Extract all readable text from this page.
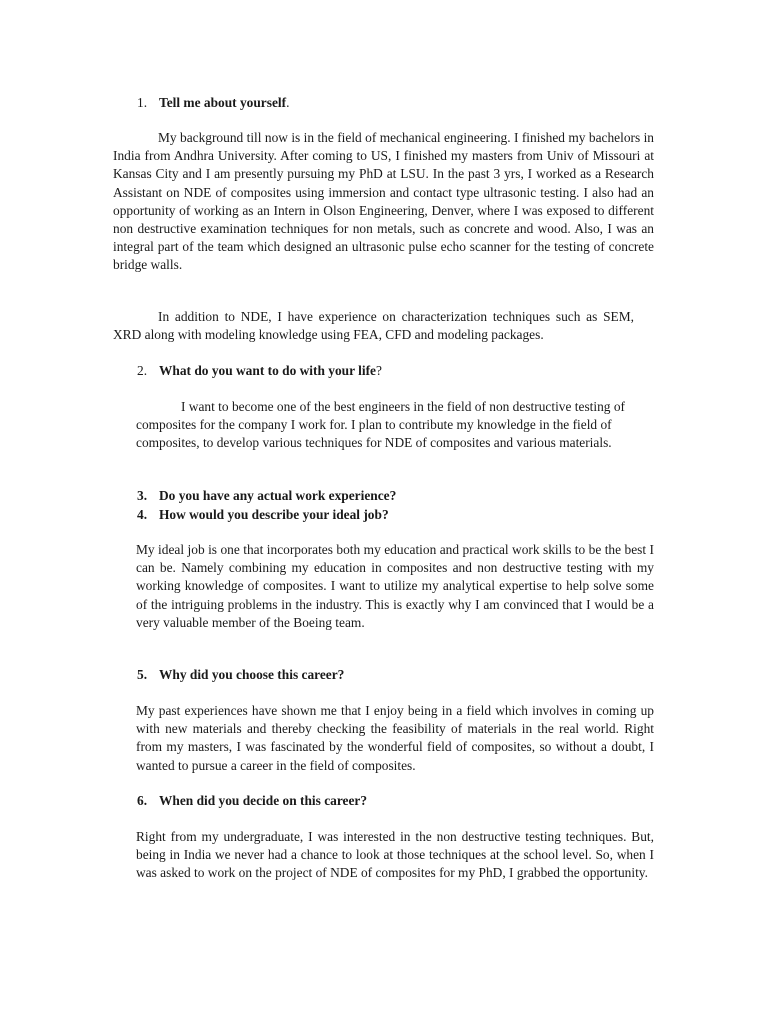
1. Tell me about yourself.

My background till now is in the field of mechanical engineering. I finished my bachelors in India from Andhra University. After coming to US, I finished my masters from Univ of Missouri at Kansas City and I am presently pursuing my PhD at LSU. In the past 3 yrs, I worked as a Research Assistant on NDE of composites using immersion and contact type ultrasonic testing. I also had an opportunity of working as an Intern in Olson Engineering, Denver, where I was exposed to different non destructive examination techniques for non metals, such as concrete and wood. Also, I was an integral part of the team which designed an ultrasonic pulse echo scanner for the testing of concrete bridge walls.

In addition to NDE, I have experience on characterization techniques such as SEM, XRD along with modeling knowledge using FEA, CFD and modeling packages.

2. What do you want to do with your life?

I want to become one of the best engineers in the field of non destructive testing of composites for the company I work for. I plan to contribute my knowledge in the field of composites, to develop various techniques for NDE of composites and various materials.

3. Do you have any actual work experience?
4. How would you describe your ideal job?

My ideal job is one that incorporates both my education and practical work skills to be the best I can be. Namely combining my education in composites and non destructive testing with my working knowledge of composites. I want to utilize my analytical expertise to help solve some of the intriguing problems in the industry. This is exactly why I am convinced that I would be a very valuable member of the Boeing team.

5. Why did you choose this career?

My past experiences have shown me that I enjoy being in a field which involves in coming up with new materials and thereby checking the feasibility of materials in the real world. Right from my masters, I was fascinated by the wonderful field of composites, so without a doubt, I wanted to pursue a career in the field of composites.

6. When did you decide on this career?

Right from my undergraduate, I was interested in the non destructive testing techniques. But, being in India we never had a chance to look at those techniques at the school level. So, when I was asked to work on the project of NDE of composites for my PhD, I grabbed the opportunity.
